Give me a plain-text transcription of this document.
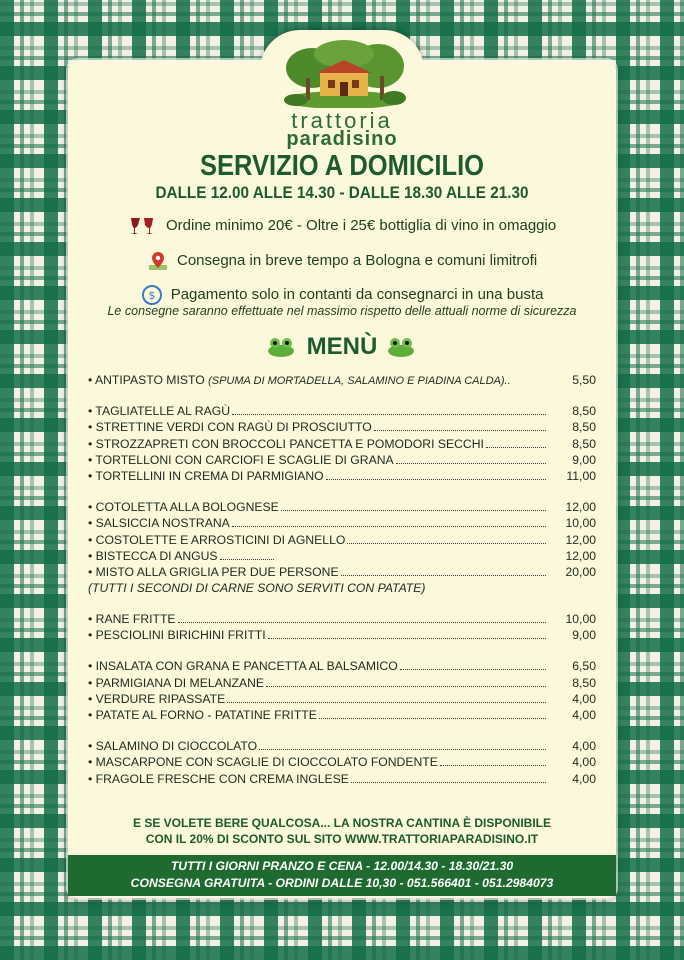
trattoria
paradisino
SERVIZIO A DOMICILIO
DALLE 12.00 ALLE 14.30 - DALLE 18.30 ALLE 21.30
Ordine minimo 20€ - Oltre i 25€ bottiglia di vino in omaggio
Consegna in breve tempo a Bologna e comuni limitrofi
$ Pagamento solo in contanti da consegnarci in una busta
Le consegne saranno effettuate nel massimo rispetto delle attuali norme di sicurezza
MENÙ
• ANTIPASTO MISTO (SPUMA DI MORTADELLA, SALAMINO E PIADINA CALDA)..	5,50
• TAGLIATELLE AL RAGÙ	8,50
• STRETTINE VERDI CON RAGÙ DI PROSCIUTTO	8,50
• STROZZAPRETI CON BROCCOLI PANCETTA E POMODORI SECCHI	8,50
• TORTELLONI CON CARCIOFI E SCAGLIE DI GRANA	9,00
• TORTELLINI IN CREMA DI PARMIGIANO	11,00
• COTOLETTA ALLA BOLOGNESE	12,00
• SALSICCIA NOSTRANA	10,00
• COSTOLETTE E ARROSTICINI DI AGNELLO	12,00
• BISTECCA DI ANGUS	12,00
• MISTO ALLA GRIGLIA PER DUE PERSONE	20,00
(TUTTI I SECONDI DI CARNE SONO SERVITI CON PATATE)
• RANE FRITTE	10,00
• PESCIOLINI BIRICHINI FRITTI	9,00
• INSALATA CON GRANA E PANCETTA AL BALSAMICO	6,50
• PARMIGIANA DI MELANZANE	8,50
• VERDURE RIPASSATE	4,00
• PATATE AL FORNO - PATATINE FRITTE	4,00
• SALAMINO DI CIOCCOLATO	4,00
• MASCARPONE CON SCAGLIE DI CIOCCOLATO FONDENTE	4,00
• FRAGOLE FRESCHE CON CREMA INGLESE	4,00
E SE VOLETE BERE QUALCOSA... LA NOSTRA CANTINA È DISPONIBILE
CON IL 20% DI SCONTO SUL SITO WWW.TRATTORIAPARADISINO.IT
TUTTI I GIORNI PRANZO E CENA - 12.00/14.30 - 18.30/21.30
CONSEGNA GRATUITA - ORDINI DALLE 10,30 - 051.566401 - 051.2984073
